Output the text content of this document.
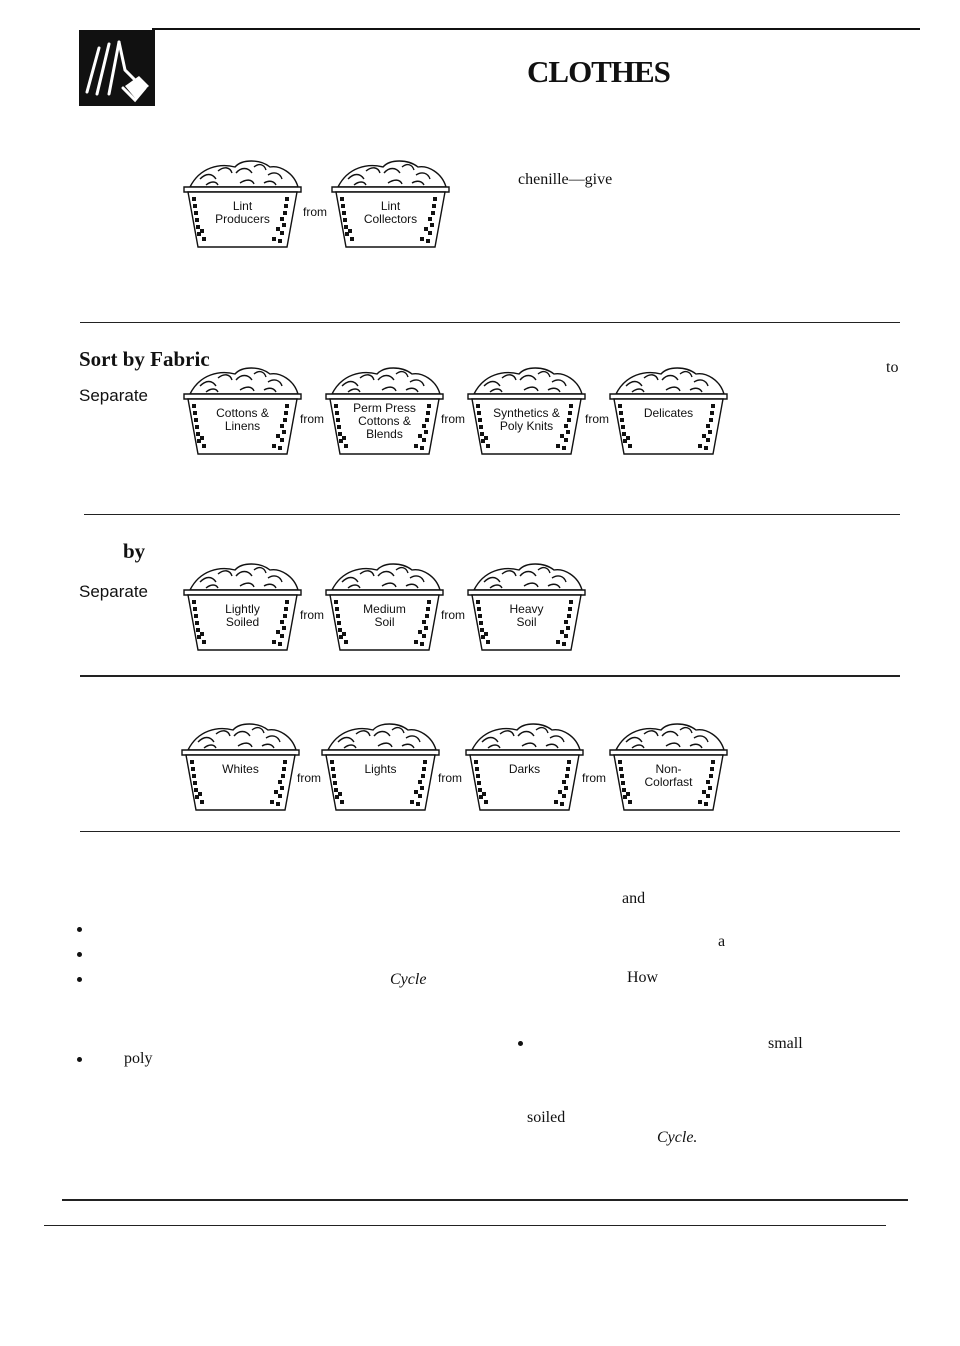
CLOTHES
Lint
Producers	from	Lint
Collectors
chenille—give
Sort by Fabric	to
Separate
Cottons &
Linens	from
Perm Press
Cottons &
Blends
from	Synthetics &
Poly Knits	from	Delicates
by
Separate
Lightly
Soiled	from	Medium
Soil	from	Heavy
Soil
Whites
from
Lights
from
Darks
from
Non-
Colorfast
and
a
Cycle	How
small
poly
soiled
Cycle.
